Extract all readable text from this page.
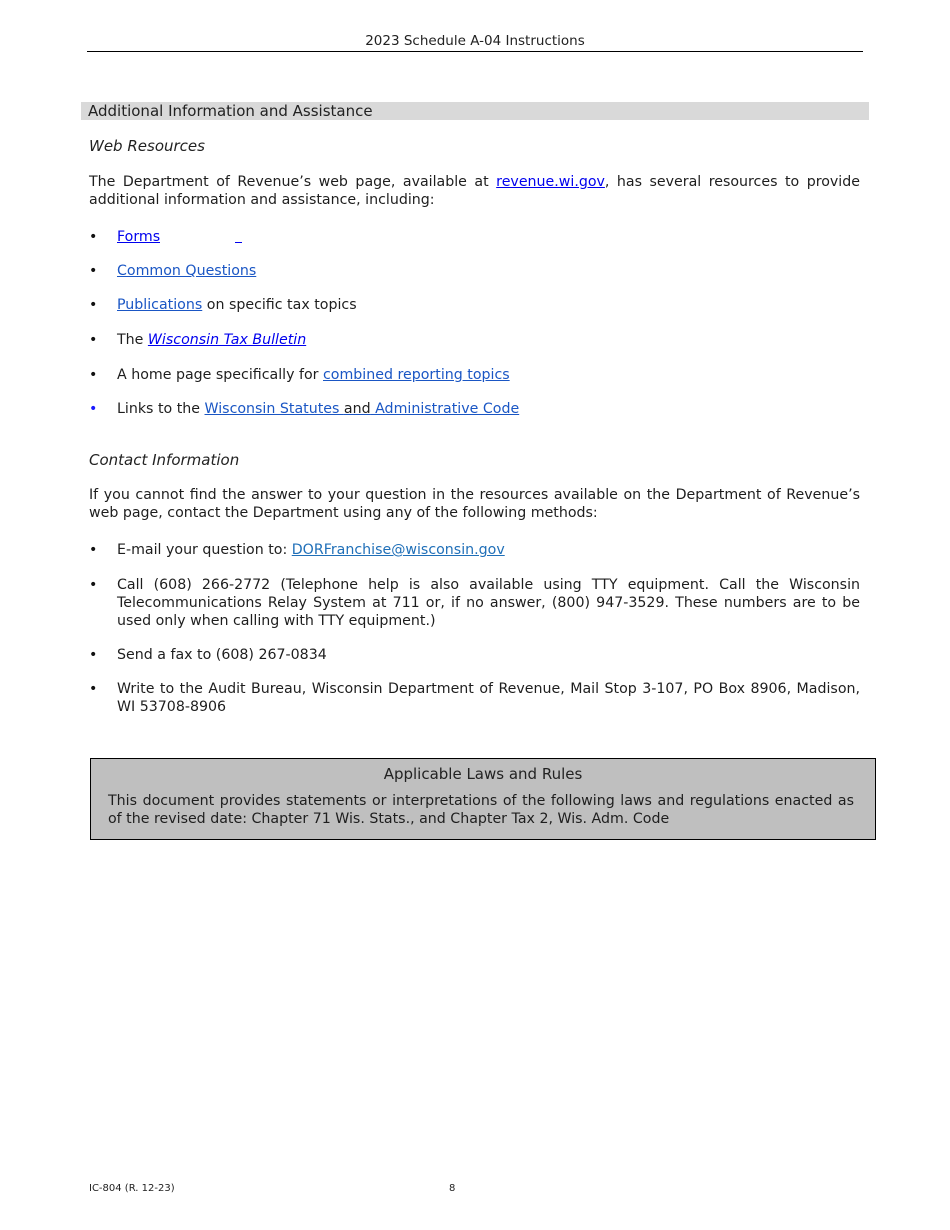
2023 Schedule A-04 Instructions
Additional Information and Assistance
Web Resources
The Department of Revenue’s web page, available at revenue.wi.gov, has several resources to provide additional information and assistance, including:
•	Forms
•	Common Questions
•	Publications on specific tax topics
•	The Wisconsin Tax Bulletin
•	A home page specifically for combined reporting topics
•	Links to the Wisconsin Statutes and Administrative Code
Contact Information
If you cannot find the answer to your question in the resources available on the Department of Revenue’s web page, contact the Department using any of the following methods:
•	E-mail your question to: DORFranchise@wisconsin.gov
•	Call (608) 266-2772 (Telephone help is also available using TTY equipment. Call the Wisconsin Telecommunications Relay System at 711 or, if no answer, (800) 947-3529. These numbers are to be used only when calling with TTY equipment.)
•	Send a fax to (608) 267-0834
•	Write to the Audit Bureau, Wisconsin Department of Revenue, Mail Stop 3-107, PO Box 8906, Madison, WI 53708-8906
Applicable Laws and Rules
This document provides statements or interpretations of the following laws and regulations enacted as of the revised date: Chapter 71 Wis. Stats., and Chapter Tax 2, Wis. Adm. Code
IC-804 (R. 12-23)	8
